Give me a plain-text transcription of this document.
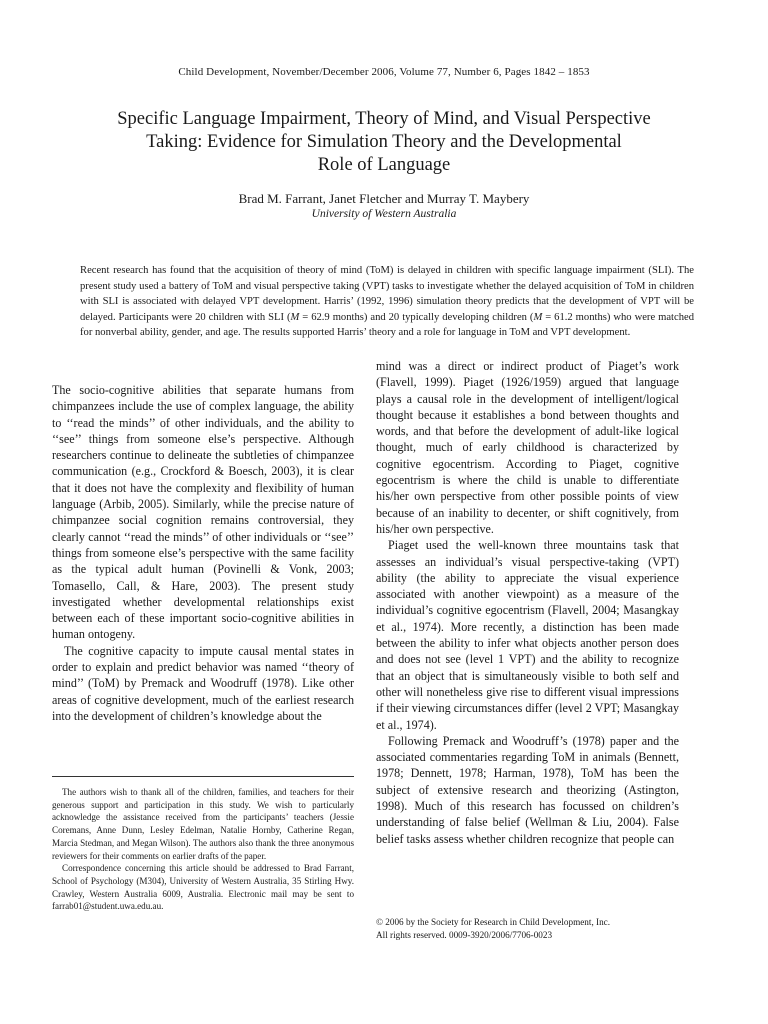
Child Development, November/December 2006, Volume 77, Number 6, Pages 1842 – 1853
Specific Language Impairment, Theory of Mind, and Visual Perspective
Taking: Evidence for Simulation Theory and the Developmental
Role of Language
Brad M. Farrant, Janet Fletcher and Murray T. Maybery
University of Western Australia

Recent research has found that the acquisition of theory of mind (ToM) is delayed in children with specific language impairment (SLI). The present study used a battery of ToM and visual perspective taking (VPT) tasks to investigate whether the delayed acquisition of ToM in children with SLI is associated with delayed VPT development. Harris’ (1992, 1996) simulation theory predicts that the development of VPT will be delayed. Participants were 20 children with SLI (M = 62.9 months) and 20 typically developing children (M = 61.2 months) who were matched for nonverbal ability, gender, and age. The results supported Harris’ theory and a role for language in ToM and VPT development.

The socio-cognitive abilities that separate humans from chimpanzees include the use of complex language, the ability to ‘‘read the minds’’ of other individuals, and the ability to ‘‘see’’ things from someone else’s perspective. Although researchers continue to delineate the subtleties of chimpanzee communication (e.g., Crockford & Boesch, 2003), it is clear that it does not have the complexity and flexibility of human language (Arbib, 2005). Similarly, while the precise nature of chimpanzee social cognition remains controversial, they clearly cannot ‘‘read the minds’’ of other individuals or ‘‘see’’ things from someone else’s perspective with the same facility as the typical adult human (Povinelli & Vonk, 2003; Tomasello, Call, & Hare, 2003). The present study investigated whether developmental relationships exist between each of these important socio-cognitive abilities in human ontogeny.

The cognitive capacity to impute causal mental states in order to explain and predict behavior was named ‘‘theory of mind’’ (ToM) by Premack and Woodruff (1978). Like other areas of cognitive development, much of the earliest research into the development of children’s knowledge about the

mind was a direct or indirect product of Piaget’s work (Flavell, 1999). Piaget (1926/1959) argued that language plays a causal role in the development of intelligent/logical thought because it establishes a bond between thoughts and words, and that before the development of adult-like logical thought, much of early childhood is characterized by cognitive egocentrism. According to Piaget, cognitive egocentrism is where the child is unable to differentiate his/her own perspective from other possible points of view because of an inability to decenter, or shift cognitively, from his/her own perspective.

Piaget used the well-known three mountains task that assesses an individual’s visual perspective-taking (VPT) ability (the ability to appreciate the visual experience associated with another viewpoint) as a measure of the individual’s cognitive egocentrism (Flavell, 2004; Masangkay et al., 1974). More recently, a distinction has been made between the ability to infer what objects another person does and does not see (level 1 VPT) and the ability to recognize that an object that is simultaneously visible to both self and other will nonetheless give rise to different visual impressions if their viewing circumstances differ (level 2 VPT; Masangkay et al., 1974).

Following Premack and Woodruff’s (1978) paper and the associated commentaries regarding ToM in animals (Bennett, 1978; Dennett, 1978; Harman, 1978), ToM has been the subject of extensive research and theorizing (Astington, 1998). Much of this research has focussed on children’s understanding of false belief (Wellman & Liu, 2004). False belief tasks assess whether children recognize that people can

The authors wish to thank all of the children, families, and teachers for their generous support and participation in this study. We wish to particularly acknowledge the assistance received from the participants’ teachers (Jessie Coremans, Anne Dunn, Lesley Edelman, Natalie Hornby, Catherine Regan, Marcia Stedman, and Megan Wilson). The authors also thank the three anonymous reviewers for their comments on earlier drafts of the paper.

Correspondence concerning this article should be addressed to Brad Farrant, School of Psychology (M304), University of Western Australia, 35 Stirling Hwy. Crawley, Western Australia 6009, Australia. Electronic mail may be sent to farrab01@student.uwa.edu.au.

© 2006 by the Society for Research in Child Development, Inc.

All rights reserved. 0009-3920/2006/7706-0023
